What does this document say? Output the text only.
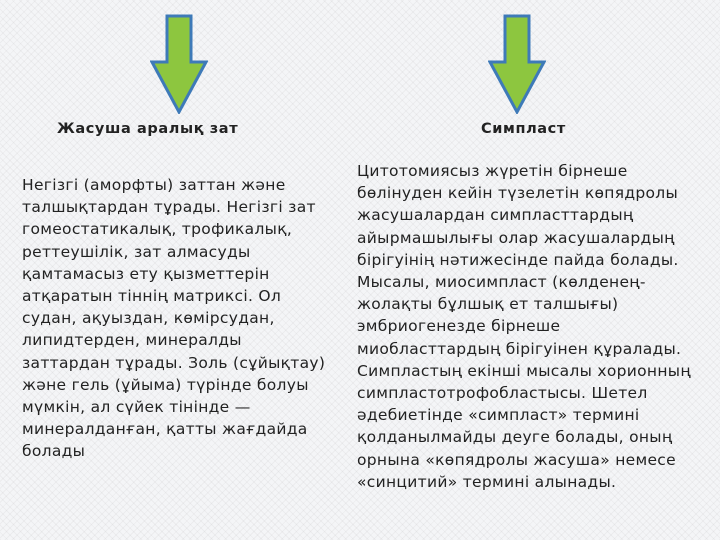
Жасуша аралық зат	Симпласт

Негізгі (аморфты) заттан және талшықтардан тұрады. Негізгі зат гомеостатикалық, трофикалық, реттеушілік, зат алмасуды қамтамасыз ету қызметтерін атқаратын тіннің матриксі. Ол судан, ақуыздан, көмірсудан, липидтерден, минералды заттардан тұрады. Золь (сұйықтау) және гель (ұйыма) түрінде болуы мүмкін, ал сүйек тінінде — минералданған, қатты жағдайда болады

Цитотомиясыз жүретін бірнеше бөлінуден кейін түзелетін көпядролы жасушалардан симпласттардың айырмашылығы олар жасушалардың бірігуінің нәтижесінде пайда болады. Мысалы, миосимпласт (көлденең-жолақты бұлшық ет талшығы) эмбриогенезде бірнеше миобласттардың бірігуінен құралады. Симпластың екінші мысалы хорионның симпластотрофобластысы. Шетел әдебиетінде «симпласт» термині қолданылмайды деуге болады, оның орнына «көпядролы жасуша» немесе «синцитий» термині алынады.
